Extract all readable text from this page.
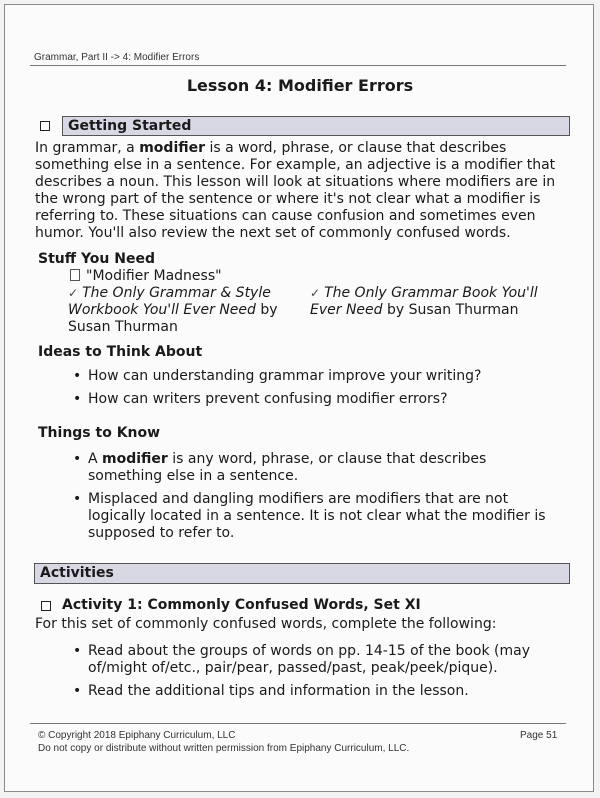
Grammar, Part II -> 4: Modifier Errors
Lesson 4: Modifier Errors
Getting Started
In grammar, a modifier is a word, phrase, or clause that describes something else in a sentence. For example, an adjective is a modifier that describes a noun. This lesson will look at situations where modifiers are in the wrong part of the sentence or where it's not clear what a modifier is referring to. These situations can cause confusion and sometimes even humor. You'll also review the next set of commonly confused words.
Stuff You Need
"Modifier Madness"
✓ The Only Grammar & Style Workbook You'll Ever Need by Susan Thurman
✓ The Only Grammar Book You'll Ever Need by Susan Thurman
Ideas to Think About
• How can understanding grammar improve your writing?
• How can writers prevent confusing modifier errors?
Things to Know
• A modifier is any word, phrase, or clause that describes something else in a sentence.
• Misplaced and dangling modifiers are modifiers that are not logically located in a sentence. It is not clear what the modifier is supposed to refer to.
Activities
Activity 1: Commonly Confused Words, Set XI
For this set of commonly confused words, complete the following:
• Read about the groups of words on pp. 14-15 of the book (may of/might of/etc., pair/pear, passed/past, peak/peek/pique).
• Read the additional tips and information in the lesson.
© Copyright 2018 Epiphany Curriculum, LLC
Do not copy or distribute without written permission from Epiphany Curriculum, LLC.
Page 51
